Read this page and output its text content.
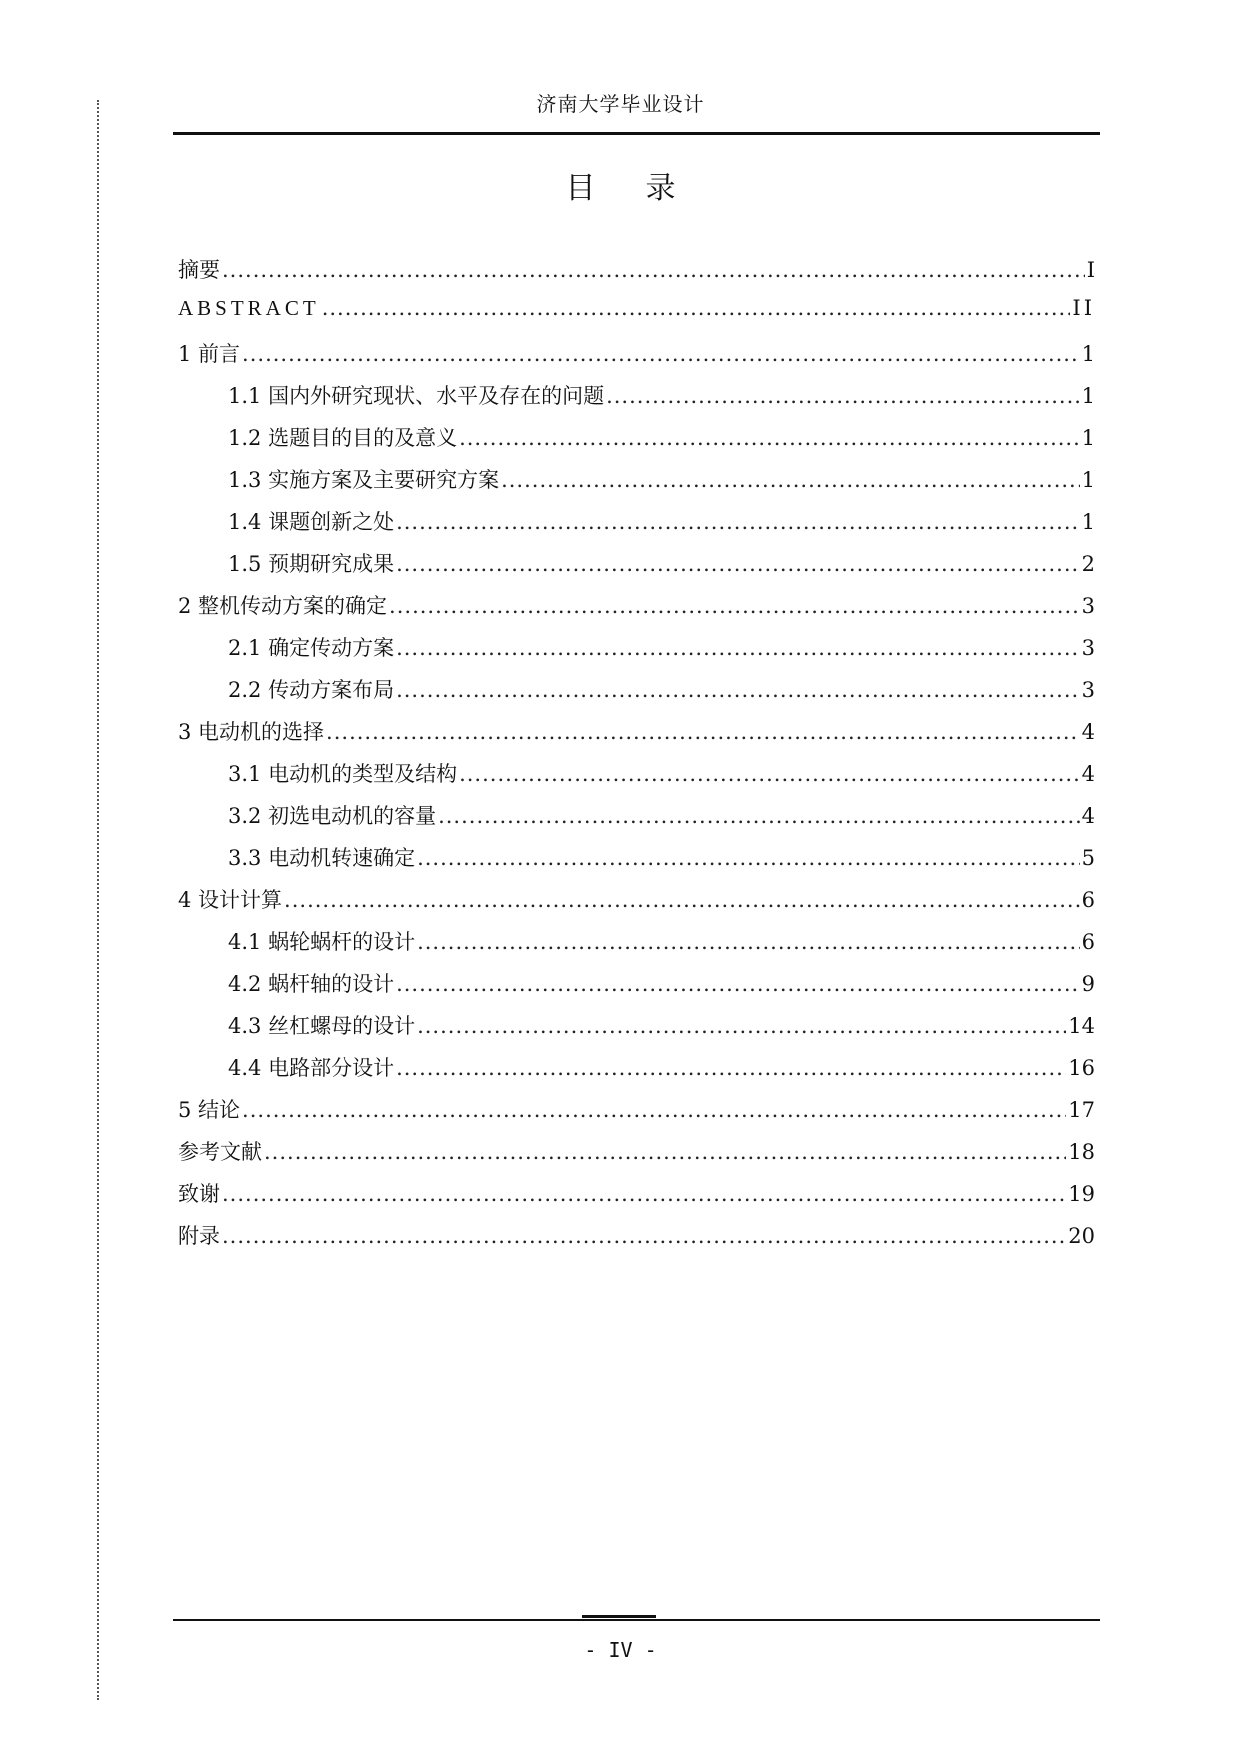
济南大学毕业设计
目录
摘要 .....	I
ABSTRACT .....	II
1 前言 .....	1
1.1 国内外研究现状、水平及存在的问题 .....	1
1.2 选题目的目的及意义 .....	1
1.3 实施方案及主要研究方案 .....	1
1.4 课题创新之处 .....	1
1.5 预期研究成果 .....	2
2 整机传动方案的确定 .....	3
2.1 确定传动方案 .....	3
2.2 传动方案布局 .....	3
3 电动机的选择 .....	4
3.1 电动机的类型及结构 .....	4
3.2 初选电动机的容量 .....	4
3.3 电动机转速确定 .....	5
4 设计计算 .....	6
4.1 蜗轮蜗杆的设计 .....	6
4.2 蜗杆轴的设计 .....	9
4.3 丝杠螺母的设计 .....	14
4.4 电路部分设计 .....	16
5 结论 .....	17
参考文献 .....	18
致谢 .....	19
附录 .....	20
- IV -
